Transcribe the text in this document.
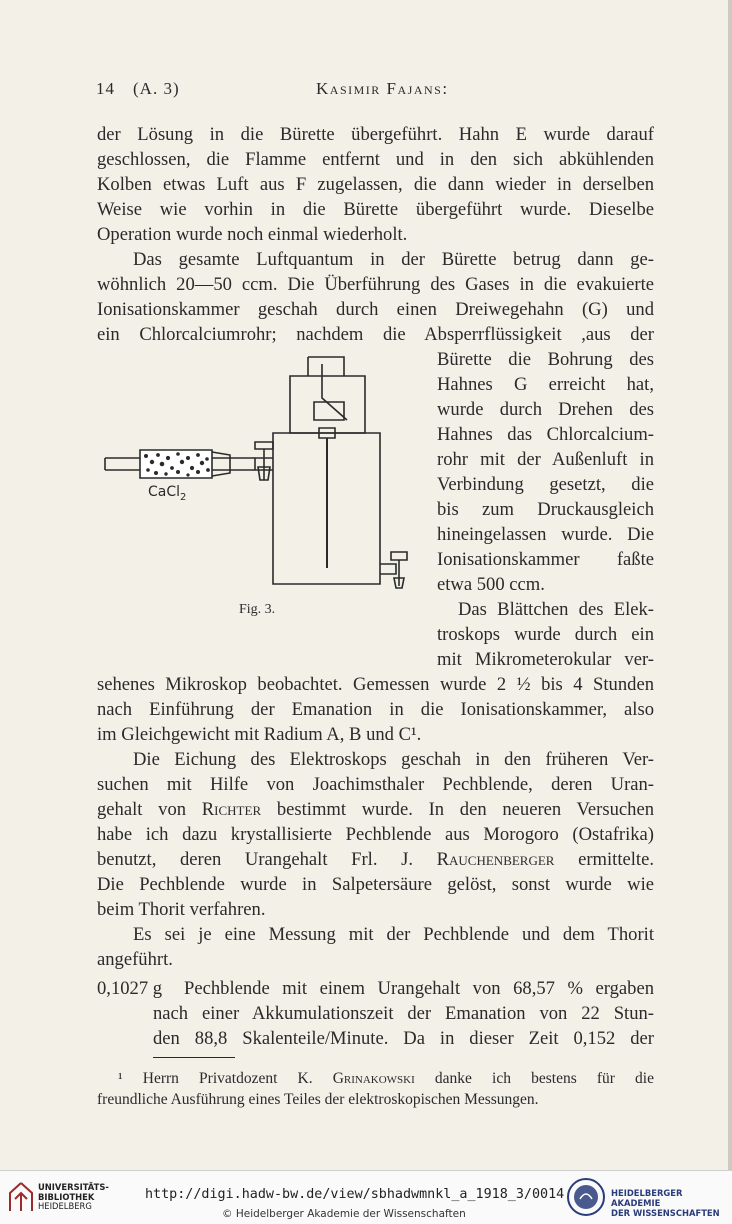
14 (A. 3)	Kasimir Fajans:
der Lösung in die Bürette übergeführt. Hahn E wurde darauf
geschlossen, die Flamme entfernt und in den sich abkühlenden
Kolben etwas Luft aus F zugelassen, die dann wieder in derselben
Weise wie vorhin in die Bürette übergeführt wurde. Dieselbe
Operation wurde noch einmal wiederholt.
Das gesamte Luftquantum in der Bürette betrug dann ge-
wöhnlich 20—50 ccm. Die Überführung des Gases in die evakuierte
Ionisationskammer geschah durch einen Dreiwegehahn (G) und
ein Chlorcalciumrohr; nachdem die Absperrflüssigkeit ,aus der
Bürette die Bohrung des
Hahnes G erreicht hat,
wurde durch Drehen des
Hahnes das Chlorcalcium-
rohr mit der Außenluft in
Verbindung gesetzt, die
bis zum Druckausgleich
hineingelassen wurde. Die
Ionisationskammer faßte
etwa 500 ccm.
Das Blättchen des Elek-
troskops wurde durch ein
mit Mikrometerokular ver-
CaCl$_2$
Fig. 3.
sehenes Mikroskop beobachtet. Gemessen wurde 2 ½ bis 4 Stunden
nach Einführung der Emanation in die Ionisationskammer, also
im Gleichgewicht mit Radium A, B und C¹.
Die Eichung des Elektroskops geschah in den früheren Ver-
suchen mit Hilfe von Joachimsthaler Pechblende, deren Uran-
gehalt von Richter bestimmt wurde. In den neueren Versuchen
habe ich dazu krystallisierte Pechblende aus Morogoro (Ostafrika)
benutzt, deren Urangehalt Frl. J. Rauchenberger ermittelte.
Die Pechblende wurde in Salpetersäure gelöst, sonst wurde wie
beim Thorit verfahren.
Es sei je eine Messung mit der Pechblende und dem Thorit
angeführt.
0,1027 g Pechblende mit einem Urangehalt von 68,57 % ergaben
nach einer Akkumulationszeit der Emanation von 22 Stun-
den 88,8 Skalenteile/Minute. Da in dieser Zeit 0,152 der
¹ Herrn Privatdozent K. Grinakowski danke ich bestens für die
freundliche Ausführung eines Teiles der elektroskopischen Messungen.
UNIVERSITÄTS-
BIBLIOTHEK
HEIDELBERG
http://digi.hadw-bw.de/view/sbhadwmnkl_a_1918_3/0014
© Heidelberger Akademie der Wissenschaften
HEIDELBERGER AKADEMIE
DER WISSENSCHAFTEN
